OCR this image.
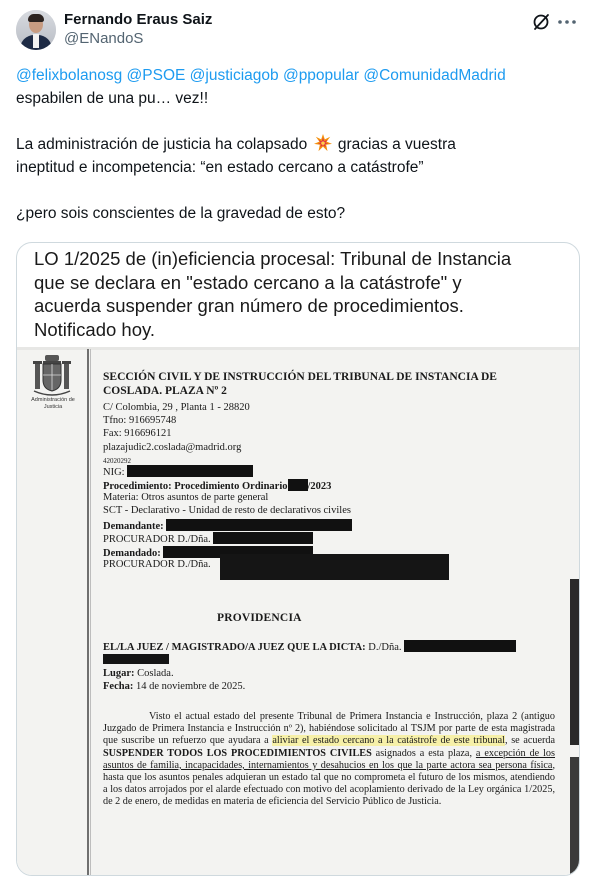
Fernando Eraus Saiz
@ENandoS

@felixbolanosg @PSOE @justiciagob @ppopular @ComunidadMadrid

espabilen de una pu… vez!!

La administración de justicia ha colapsado gracias a vuestra

ineptitud e incompetencia: “en estado cercano a catástrofe”

¿pero sois conscientes de la gravedad de esto?

LO 1/2025 de (in)eficiencia procesal: Tribunal de Instancia

que se declara en "estado cercano a la catástrofe" y

acuerda suspender gran número de procedimientos.

Notificado hoy.

Administración de Justicia
SECCIÓN CIVIL Y DE INSTRUCCIÓN DEL TRIBUNAL DE INSTANCIA DE COSLADA. PLAZA Nº 2
C/ Colombia, 29 , Planta 1 - 28820
Tfno: 916695748
Fax: 916696121
plazajudic2.coslada@madrid.org
42020292
NIG:
Procedimiento: Procedimiento Ordinario /2023
Materia: Otros asuntos de parte general
SCT - Declarativo - Unidad de resto de declarativos civiles
Demandante:
PROCURADOR D./Dña.
Demandado:
PROCURADOR D./Dña.
PROVIDENCIA
EL/LA JUEZ / MAGISTRADO/A JUEZ QUE LA DICTA: D./Dña.
Lugar: Coslada.
Fecha: 14 de noviembre de 2025.
Visto el actual estado del presente Tribunal de Primera Instancia e Instrucción, plaza 2 (antiguo Juzgado de Primera Instancia e Instrucción nº 2), habiéndose solicitado al TSJM por parte de esta magistrada que suscribe un refuerzo que ayudara a aliviar el estado cercano a la catástrofe de este tribunal, se acuerda SUSPENDER TODOS LOS PROCEDIMIENTOS CIVILES asignados a esta plaza, a excepción de los asuntos de familia, incapacidades, internamientos y desahucios en los que la parte actora sea persona física, hasta que los asuntos penales adquieran un estado tal que no comprometa el futuro de los mismos, atendiendo a los datos arrojados por el alarde efectuado con motivo del acoplamiento derivado de la Ley orgánica 1/2025, de 2 de enero, de medidas en materia de eficiencia del Servicio Público de Justicia.
